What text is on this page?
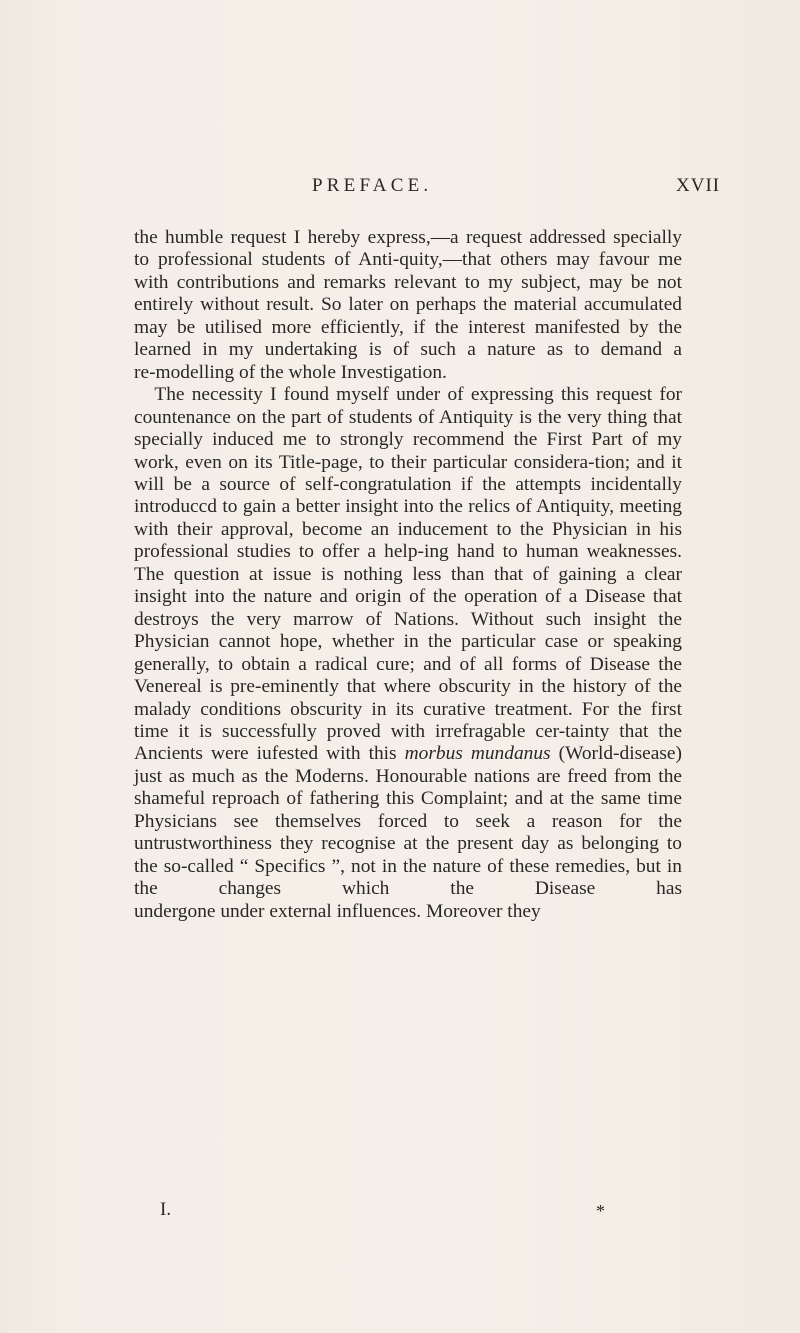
PREFACE.	XVII

the humble request I hereby express,—a request addressed specially to professional students of Anti-quity,—that others may favour me with contributions and remarks relevant to my subject, may be not entirely without result. So later on perhaps the material accumulated may be utilised more efficiently, if the interest manifested by the learned in my undertaking is of such a nature as to demand a
re-modelling of the whole Investigation.

The necessity I found myself under of expressing this request for countenance on the part of students of Antiquity is the very thing that specially induced me to strongly recommend the First Part of my work, even on its Title-page, to their particular considera-tion; and it will be a source of self-congratulation if the attempts incidentally introduccd to gain a better insight into the relics of Antiquity, meeting with their approval, become an inducement to the Physician in his professional studies to offer a help-ing hand to human weaknesses. The question at issue is nothing less than that of gaining a clear insight into the nature and origin of the operation of a Disease that destroys the very marrow of Nations. Without such insight the Physician cannot hope, whether in the particular case or speaking generally, to obtain a radical cure; and of all forms of Disease the Venereal is pre-eminently that where obscurity in the history of the malady conditions obscurity in its curative treatment. For the first time it is successfully proved with irrefragable cer-tainty that the Ancients were iufested with this morbus mundanus (World-disease) just as much as the Moderns. Honourable nations are freed from the shameful reproach of fathering this Complaint; and at the same time Physicians see themselves forced to seek a reason for the untrustworthiness they recognise at the present day as belonging to the so-called “ Specifics ”, not in the nature of these remedies, but in the changes which the Disease has
undergone under external influences. Moreover they

I.	*
